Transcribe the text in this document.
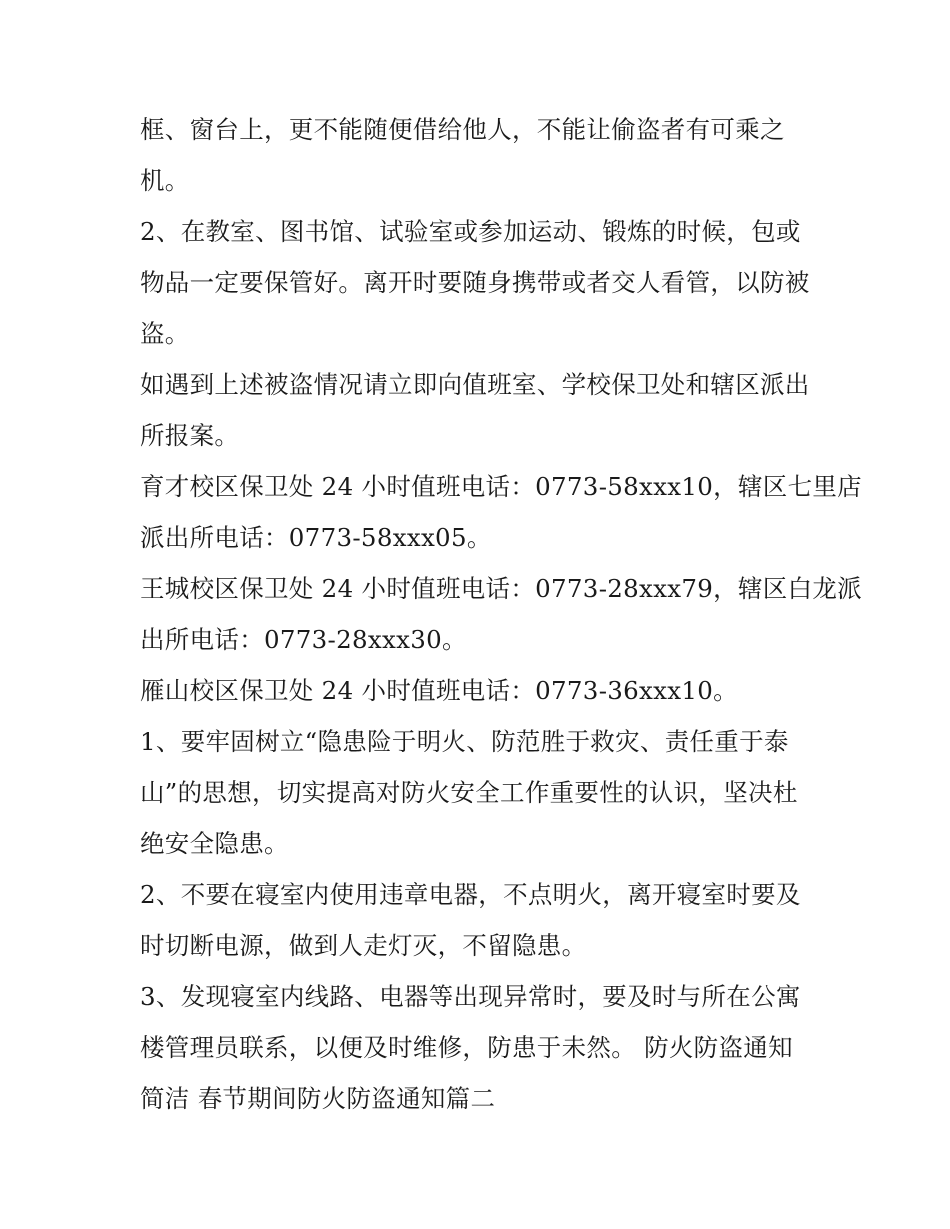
框、窗台上，更不能随便借给他人，不能让偷盗者有可乘之
机。
2、在教室、图书馆、试验室或参加运动、锻炼的时候，包或
物品一定要保管好。离开时要随身携带或者交人看管，以防被
盗。
如遇到上述被盗情况请立即向值班室、学校保卫处和辖区派出
所报案。
育才校区保卫处 24 小时值班电话：0773-58xxx10，辖区七里店
派出所电话：0773-58xxx05。
王城校区保卫处 24 小时值班电话：0773-28xxx79，辖区白龙派
出所电话：0773-28xxx30。
雁山校区保卫处 24 小时值班电话：0773-36xxx10。
1、要牢固树立“隐患险于明火、防范胜于救灾、责任重于泰
山”的思想，切实提高对防火安全工作重要性的认识，坚决杜
绝安全隐患。
2、不要在寝室内使用违章电器，不点明火，离开寝室时要及
时切断电源，做到人走灯灭，不留隐患。
3、发现寝室内线路、电器等出现异常时，要及时与所在公寓
楼管理员联系，以便及时维修，防患于未然。 防火防盗通知
简洁 春节期间防火防盗通知篇二
